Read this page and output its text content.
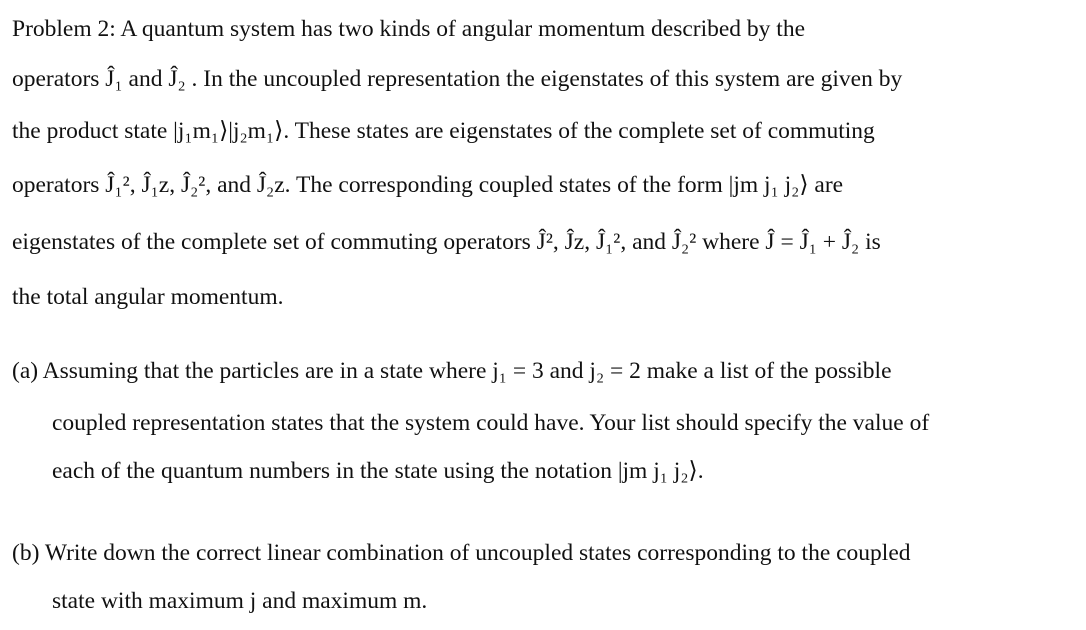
Problem 2: A quantum system has two kinds of angular momentum described by the
operators Ĵ₁ and Ĵ₂ . In the uncoupled representation the eigenstates of this system are given by
the product state |j₁m₁⟩|j₂m₁⟩. These states are eigenstates of the complete set of commuting
operators Ĵ₁², Ĵ₁z, Ĵ₂², and Ĵ₂z. The corresponding coupled states of the form |jm j₁ j₂⟩ are
eigenstates of the complete set of commuting operators Ĵ², Ĵz, Ĵ₁², and Ĵ₂² where Ĵ = Ĵ₁ + Ĵ₂ is
the total angular momentum.
(a) Assuming that the particles are in a state where j₁ = 3 and j₂ = 2 make a list of the possible
coupled representation states that the system could have. Your list should specify the value of
each of the quantum numbers in the state using the notation |jm j₁ j₂⟩.
(b) Write down the correct linear combination of uncoupled states corresponding to the coupled
state with maximum j and maximum m.
